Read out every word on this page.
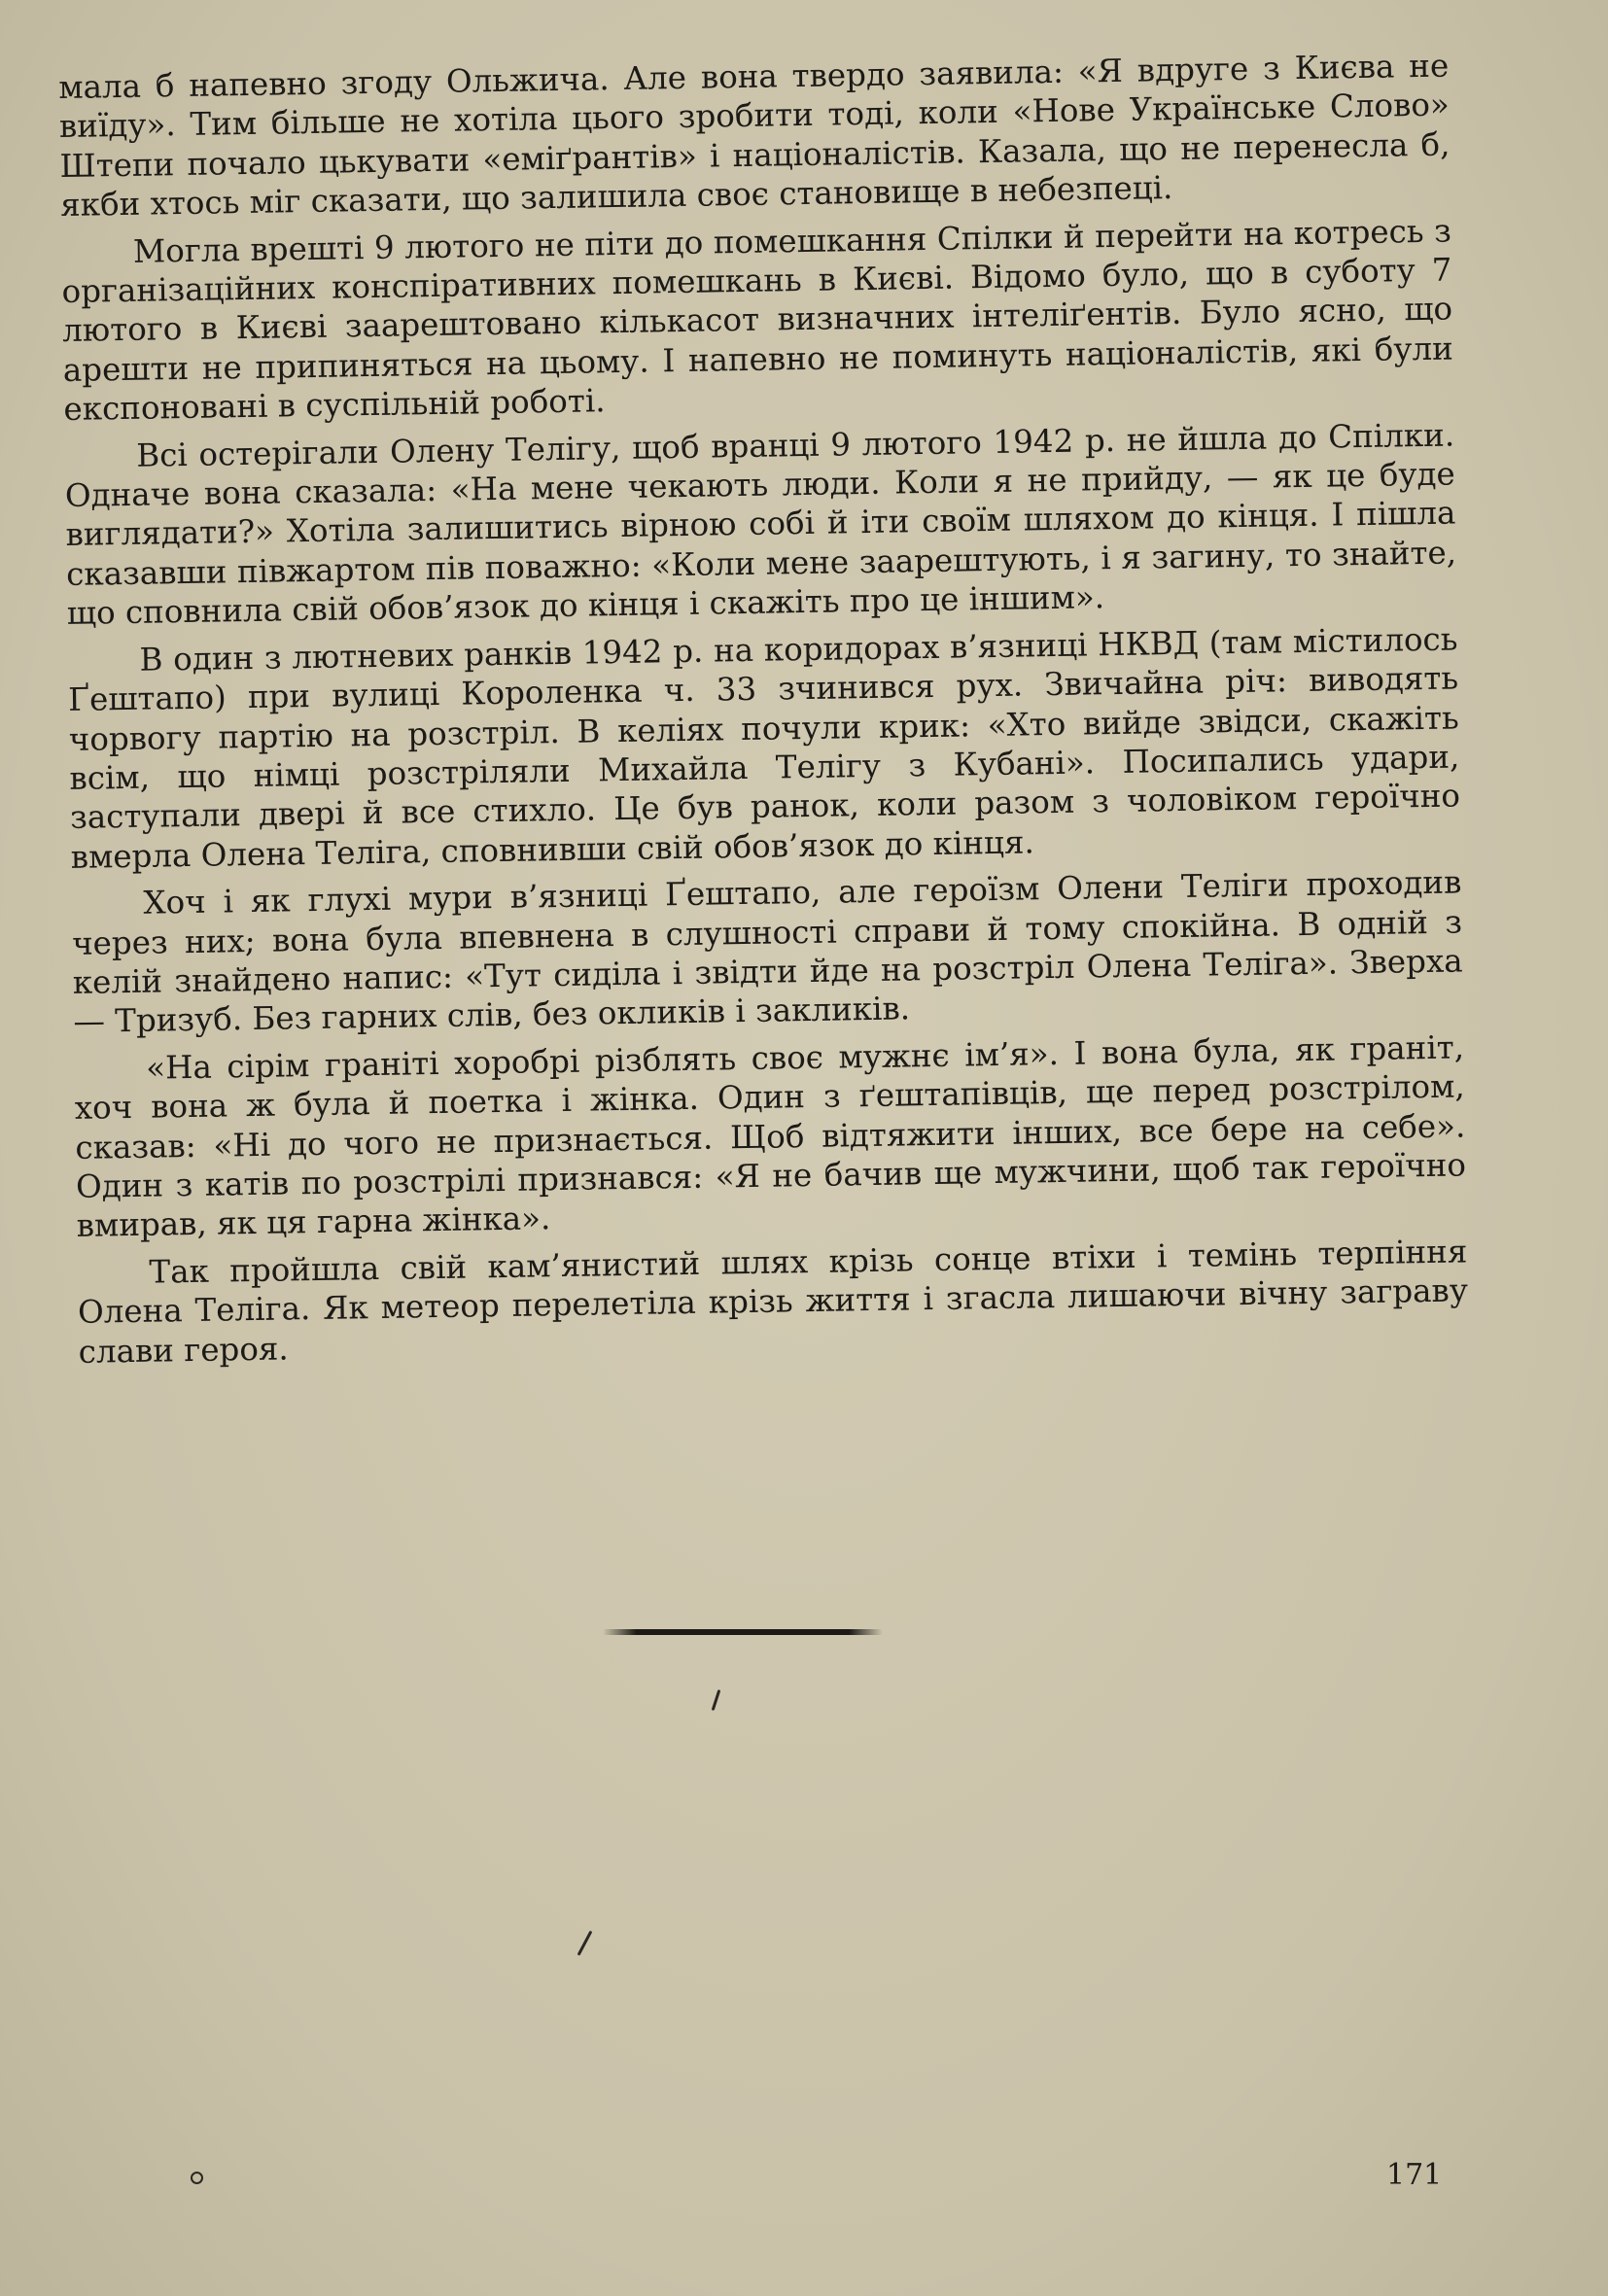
мала б напевно згоду Ольжича. Але вона твердо заявила: «Я вдруге з Києва не виїду». Тим більше не хотіла цього зробити тоді, коли «Нове Українське Слово» Штепи почало цькувати «еміґрантів» і націоналістів. Казала, що не перенесла б, якби хтось міг сказати, що залишила своє становище в небезпеці.

Могла врешті 9 лютого не піти до помешкання Спілки й перейти на котресь з організаційних конспіративних помешкань в Києві. Відомо було, що в суботу 7 лютого в Києві заарештовано кількасот визначних інтеліґентів. Було ясно, що арешти не припиняться на цьому. І напевно не поминуть націоналістів, які були експоновані в суспільній роботі.

Всі остерігали Олену Телігу, щоб вранці 9 лютого 1942 р. не йшла до Спілки. Одначе вона сказала: «На мене чекають люди. Коли я не прийду, — як це буде виглядати?» Хотіла залишитись вірною собі й іти своїм шляхом до кінця. І пішла сказавши півжартом пів поважно: «Коли мене заарештують, і я загину, то знайте, що сповнила свій обов’язок до кінця і скажіть про це іншим».

В один з лютневих ранків 1942 р. на коридорах в’язниці НКВД (там містилось Ґештапо) при вулиці Короленка ч. 33 зчинився рух. Звичайна річ: виводять чорвогу партію на розстріл. В келіях почули крик: «Хто вийде звідси, скажіть всім, що німці розстріляли Михайла Телігу з Кубані». Посипались удари, заступали двері й все стихло. Це був ранок, коли разом з чоловіком героїчно вмерла Олена Теліга, сповнивши свій обов’язок до кінця.

Хоч і як глухі мури в’язниці Ґештапо, але героїзм Олени Теліги проходив через них; вона була впевнена в слушності справи й тому спокійна. В одній з келій знайдено напис: «Тут сиділа і звідти йде на розстріл Олена Теліга». Зверха — Тризуб. Без гарних слів, без окликів і закликів.

«На сірім граніті хоробрі різблять своє мужнє ім’я». І вона була, як граніт, хоч вона ж була й поетка і жінка. Один з ґештапівців, ще перед розстрілом, сказав: «Ні до чого не признається. Щоб відтяжити інших, все бере на себе». Один з катів по розстрілі признався: «Я не бачив ще мужчини, щоб так героїчно вмирав, як ця гарна жінка».

Так пройшла свій кам’янистий шлях крізь сонце втіхи і темінь терпіння Олена Теліга. Як метеор перелетіла крізь життя і згасла лишаючи вічну заграву слави героя.

171
